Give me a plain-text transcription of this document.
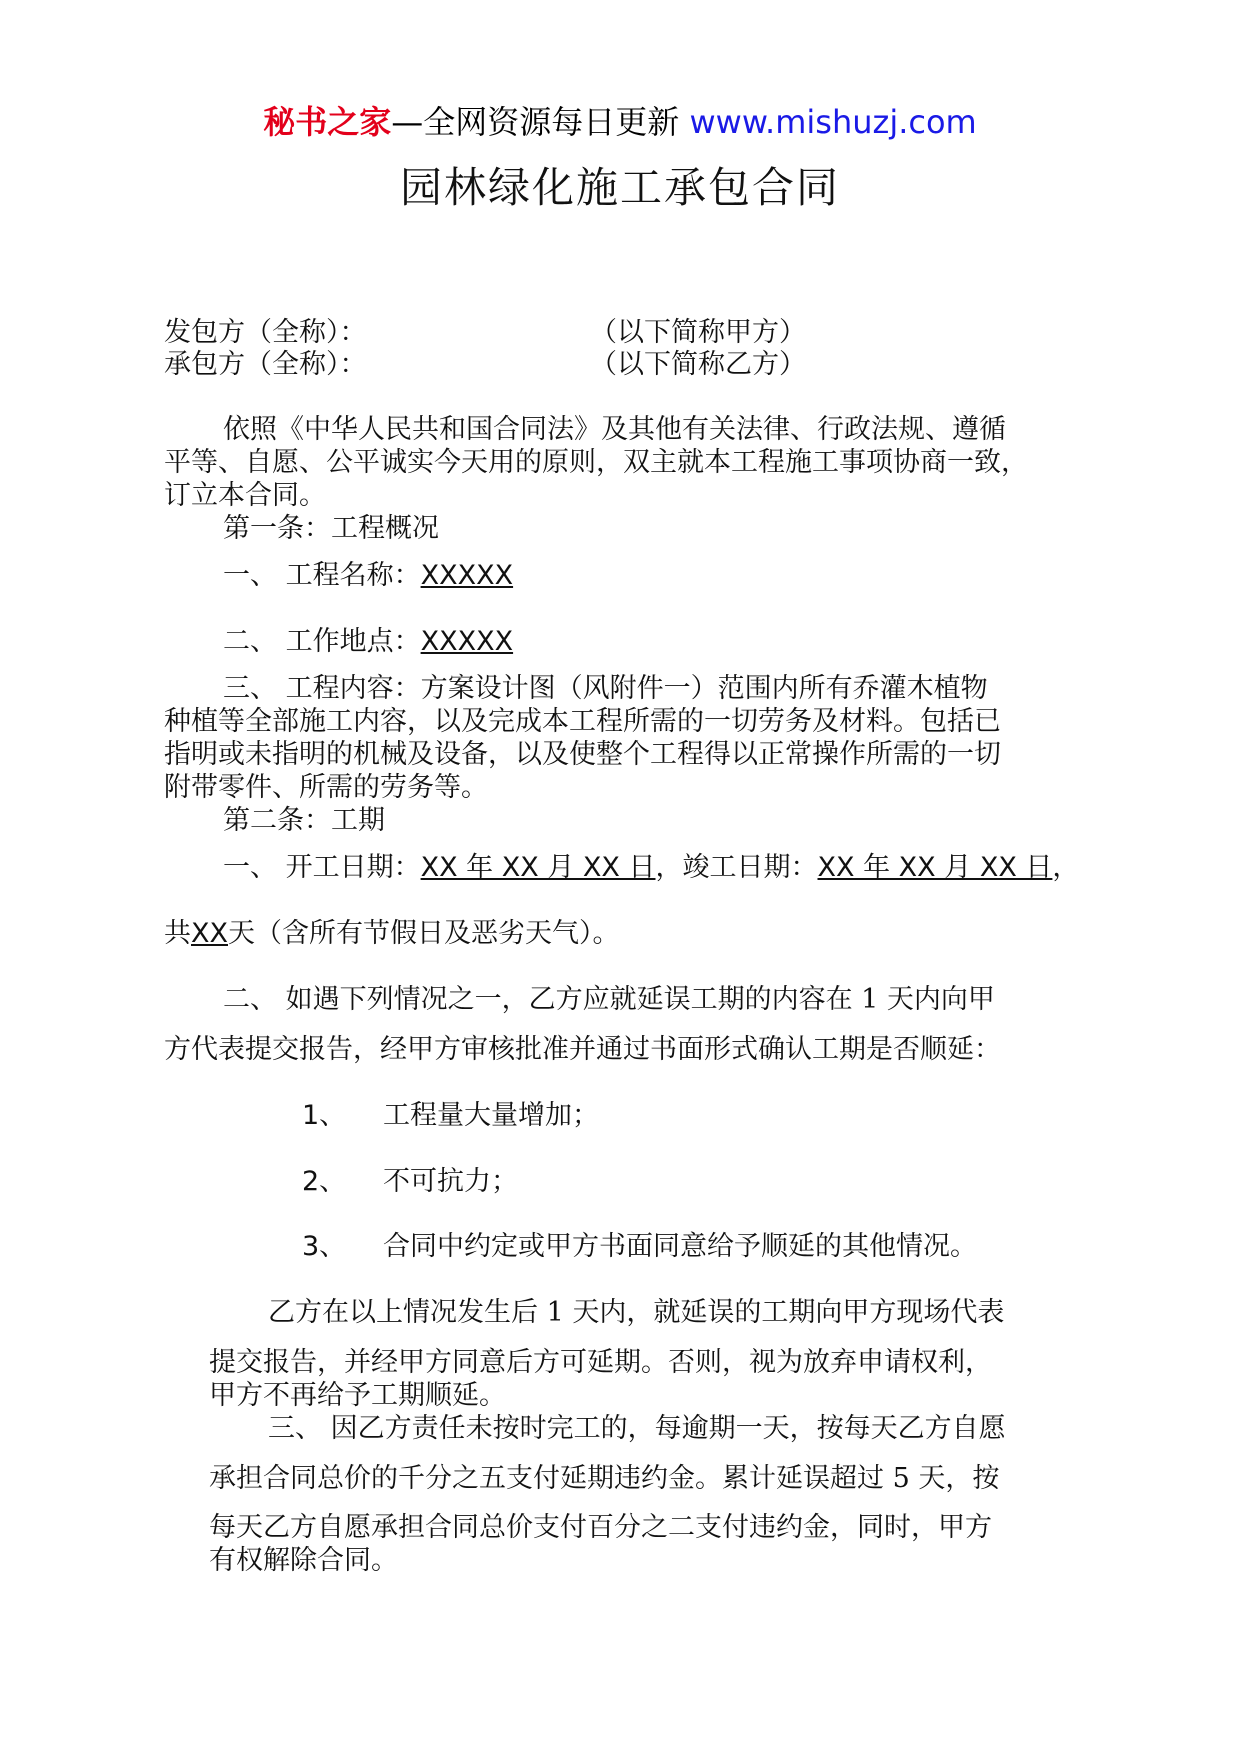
秘书之家—全网资源每日更新 www.mishuzj.com
园林绿化施工承包合同
发包方（全称）：	（以下简称甲方）
承包方（全称）：	（以下简称乙方）
依照《中华人民共和国合同法》及其他有关法律、行政法规、遵循
平等、自愿、公平诚实今天用的原则，双主就本工程施工事项协商一致，
订立本合同。
第一条：工程概况
一、 工程名称：XXXXX
二、 工作地点：XXXXX
三、 工程内容：方案设计图（风附件一）范围内所有乔灌木植物
种植等全部施工内容，以及完成本工程所需的一切劳务及材料。包括已
指明或未指明的机械及设备，以及使整个工程得以正常操作所需的一切
附带零件、所需的劳务等。
第二条：工期
一、 开工日期：XX 年 XX 月 XX 日，竣工日期：XX 年 XX 月 XX 日，
共XX天（含所有节假日及恶劣天气）。
二、 如遇下列情况之一，乙方应就延误工期的内容在 1 天内向甲
方代表提交报告，经甲方审核批准并通过书面形式确认工期是否顺延：
1、 工程量大量增加；
2、 不可抗力；
3、 合同中约定或甲方书面同意给予顺延的其他情况。
乙方在以上情况发生后 1 天内，就延误的工期向甲方现场代表
提交报告，并经甲方同意后方可延期。否则，视为放弃申请权利，
甲方不再给予工期顺延。
三、 因乙方责任未按时完工的，每逾期一天，按每天乙方自愿
承担合同总价的千分之五支付延期违约金。累计延误超过 5 天，按
每天乙方自愿承担合同总价支付百分之二支付违约金，同时，甲方
有权解除合同。
